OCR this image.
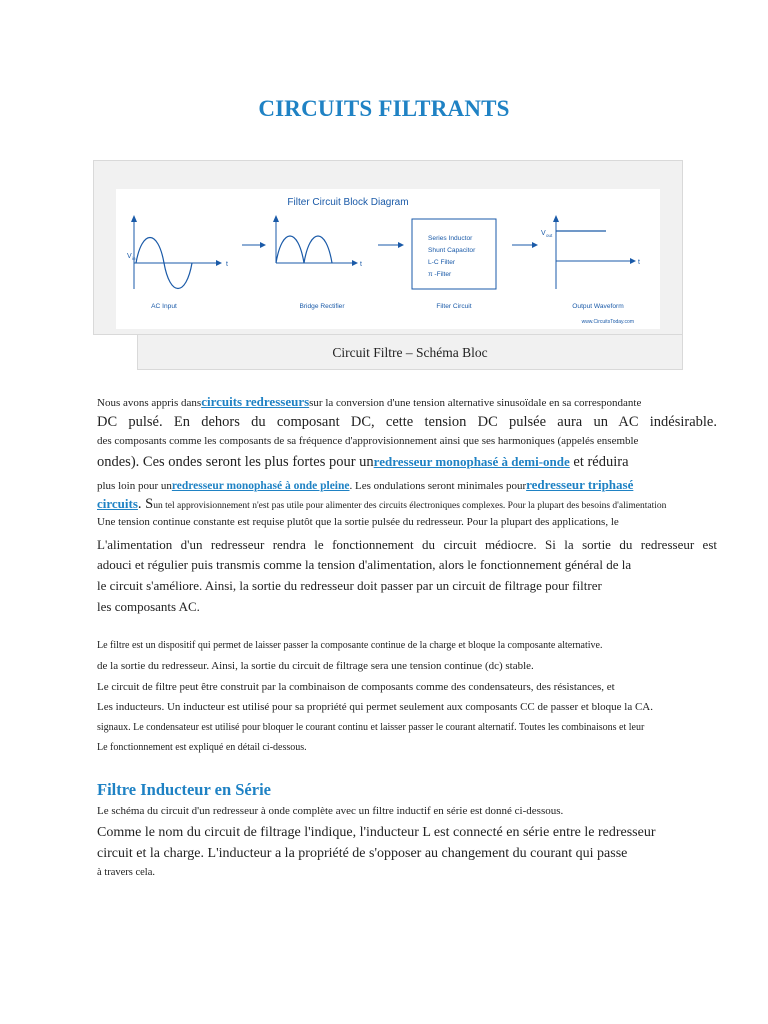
CIRCUITS FILTRANTS
Filter Circuit Block Diagram
V in
t	t
Series Inductor
Shunt Capacitor
L-C Filter
π -Filter
V out
t
AC Input	Bridge Rectifier	Filter Circuit	Output Waveform
www.CircuitsToday.com
Circuit Filtre – Schéma Bloc
Nous avons appris danscircuits redresseurssur la conversion d'une tension alternative sinusoïdale en sa correspondante
DC pulsé. En dehors du composant DC, cette tension DC pulsée aura un AC indésirable.
des composants comme les composants de sa fréquence d'approvisionnement ainsi que ses harmoniques (appelés ensemble
ondes). Ces ondes seront les plus fortes pour unredresseur monophasé à demi-onde et réduira
plus loin pour unredresseur monophasé à onde pleine. Les ondulations seront minimales pourredresseur triphasé
circuits. Sun tel approvisionnement n'est pas utile pour alimenter des circuits électroniques complexes. Pour la plupart des besoins d'alimentation
Une tension continue constante est requise plutôt que la sortie pulsée du redresseur. Pour la plupart des applications, le
L'alimentation d'un redresseur rendra le fonctionnement du circuit médiocre. Si la sortie du redresseur est
adouci et régulier puis transmis comme la tension d'alimentation, alors le fonctionnement général de la
le circuit s'améliore. Ainsi, la sortie du redresseur doit passer par un circuit de filtrage pour filtrer
les composants AC.
Le filtre est un dispositif qui permet de laisser passer la composante continue de la charge et bloque la composante alternative.
de la sortie du redresseur. Ainsi, la sortie du circuit de filtrage sera une tension continue (dc) stable.
Le circuit de filtre peut être construit par la combinaison de composants comme des condensateurs, des résistances, et
Les inducteurs. Un inducteur est utilisé pour sa propriété qui permet seulement aux composants CC de passer et bloque la CA.
signaux. Le condensateur est utilisé pour bloquer le courant continu et laisser passer le courant alternatif. Toutes les combinaisons et leur
Le fonctionnement est expliqué en détail ci-dessous.
Filtre Inducteur en Série
Le schéma du circuit d'un redresseur à onde complète avec un filtre inductif en série est donné ci-dessous.
Comme le nom du circuit de filtrage l'indique, l'inducteur L est connecté en série entre le redresseur
circuit et la charge. L'inducteur a la propriété de s'opposer au changement du courant qui passe
à travers cela.
